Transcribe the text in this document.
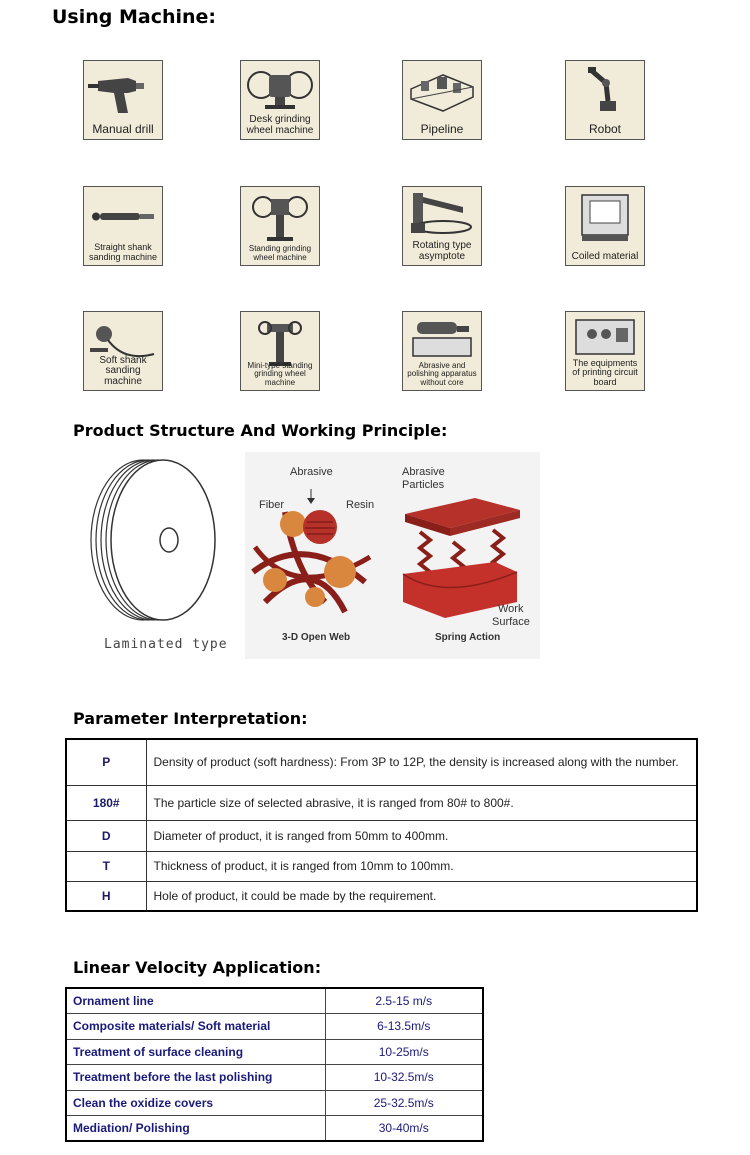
Using Machine:
Manual drill
Desk grinding wheel machine	Pipeline	Robot
Straight shank sanding machine
Standing grinding wheel machine
Rotating type asymptote	Coiled material
Soft shank sanding machine
Mini-type standing grinding wheel machine
Abrasive and polishing apparatus without core
The equipments of printing circuit board
Product Structure And Working Principle:
Laminated type
Abrasive
Fiber	Resin
3-D Open Web
Abrasive
Particles
Work
Surface
Spring Action
Parameter Interpretation:
P	Density of product (soft hardness): From 3P to 12P, the density is increased along with the number.
180#	The particle size of selected abrasive, it is ranged from 80# to 800#.
D	Diameter of product, it is ranged from 50mm to 400mm.
T	Thickness of product, it is ranged from 10mm to 100mm.
H	Hole of product, it could be made by the requirement.
Linear Velocity Application:
Ornament line	2.5-15 m/s
Composite materials/ Soft material	6-13.5m/s
Treatment of surface cleaning	10-25m/s
Treatment before the last polishing	10-32.5m/s
Clean the oxidize covers	25-32.5m/s
Mediation/ Polishing	30-40m/s
